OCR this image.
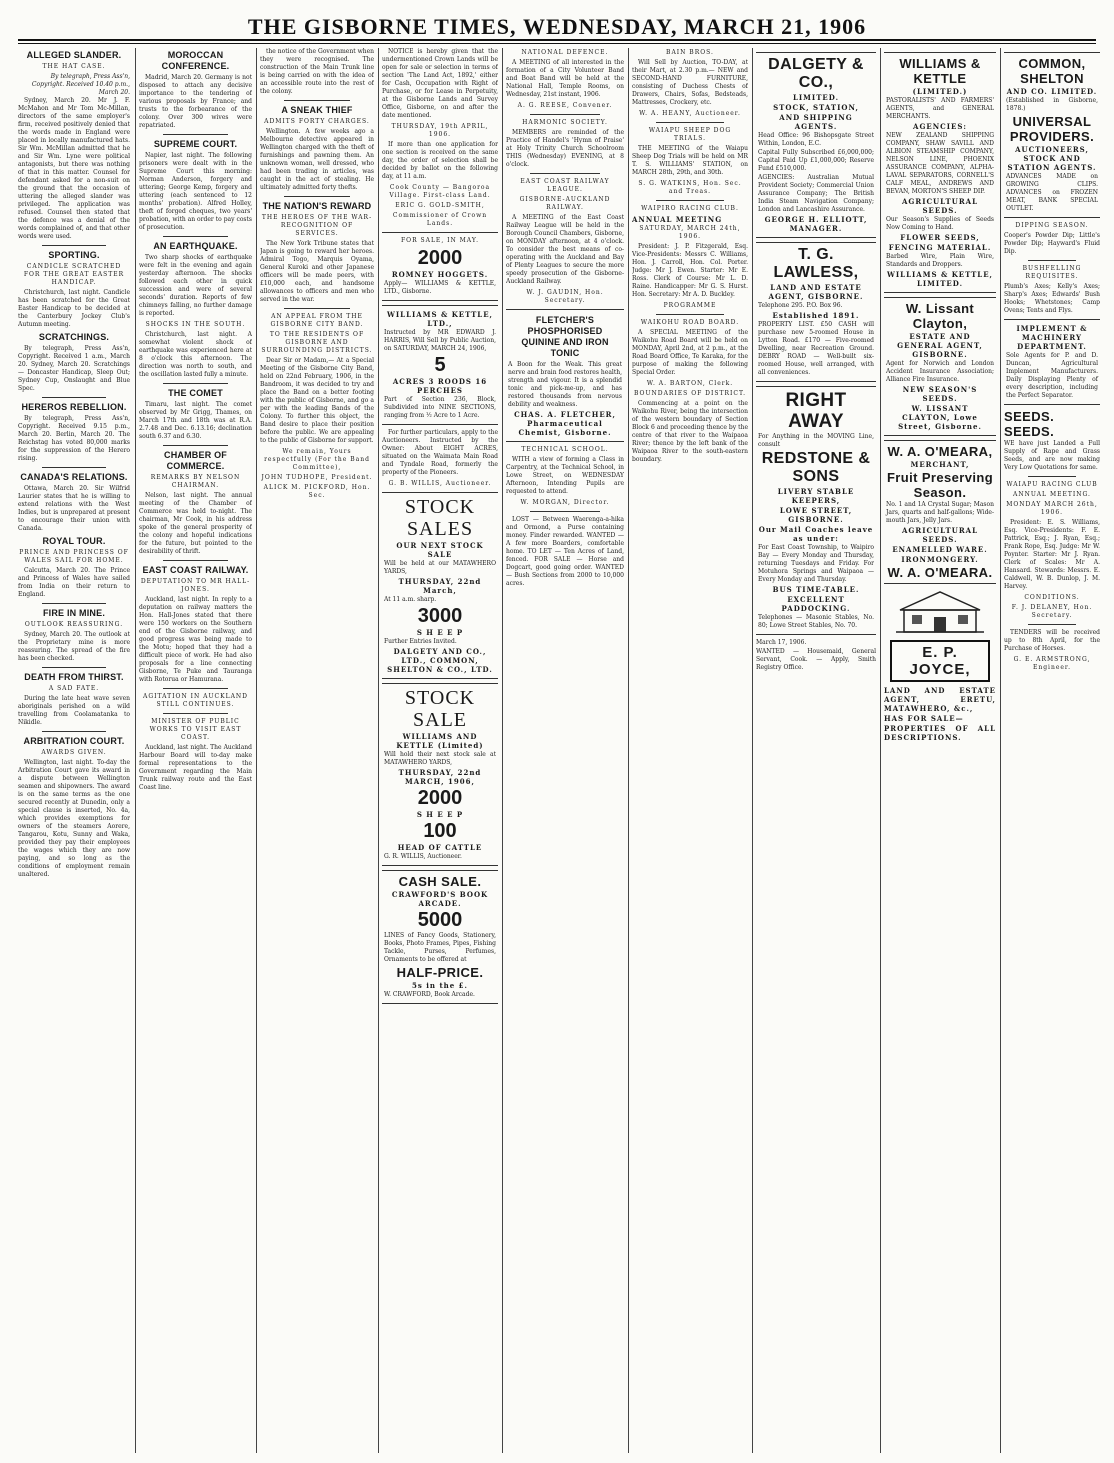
THE GISBORNE TIMES, WEDNESDAY, MARCH 21, 1906
ALLEGED SLANDER.
THE HAT CASE.
By telegraph, Press Ass'n, Copyright. Received 10.40 p.m., March 20.

Sydney, March 20. Mr J. F. McMahon and Mr Tom Mc-Millan, directors of the same employer's firm, received positively denied that the words made in England were placed in locally manufactured hats. Sir Wm. McMillan admitted that he and Sir Wm. Lyne were political antagonists, but there was nothing of that in this matter. Counsel for defendant asked for a non-suit on the ground that the occasion of uttering the alleged slander was privileged. The application was refused. Counsel then stated that the defence was a denial of the words complained of, and that other words were used.

SPORTING.
CANDICLE SCRATCHED FOR THE GREAT EASTER HANDICAP.

Christchurch, last night. Candicle has been scratched for the Great Easter Handicap to be decided at the Canterbury Jockey Club's Autumn meeting.

SCRATCHINGS.

By telegraph, Press Ass'n, Copyright. Received 1 a.m., March 20. Sydney, March 20. Scratchings — Doncaster Handicap, Sleep Out; Sydney Cup, Onslaught and Blue Spec.

HEREROS REBELLION.

By telegraph, Press Ass'n, Copyright. Received 9.15 p.m., March 20. Berlin, March 20. The Reichstag has voted 80,000 marks for the suppression of the Herero rising.

CANADA'S RELATIONS.

Ottawa, March 20. Sir Wilfrid Laurier states that he is willing to extend relations with the West Indies, but is unprepared at present to encourage their union with Canada.

ROYAL TOUR.
PRINCE AND PRINCESS OF WALES SAIL FOR HOME.

Calcutta, March 20. The Prince and Princess of Wales have sailed from India on their return to England.

FIRE IN MINE.
OUTLOOK REASSURING.

Sydney, March 20. The outlook at the Proprietary mine is more reassuring. The spread of the fire has been checked.

DEATH FROM THIRST.
A SAD FATE.

During the late heat wave seven aboriginals perished on a wild travelling from Coolamatanka to Nikidle.

ARBITRATION COURT.
AWARDS GIVEN.

Wellington, last night. To-day the Arbitration Court gave its award in a dispute between Wellington seamen and shipowners. The award is on the same terms as the one secured recently at Dunedin, only a special clause is inserted, No. 4a, which provides exemptions for owners of the steamers Aorere, Tangarou, Kotu, Sunny and Waka, provided they pay their employees the wages which they are now paying, and so long as the conditions of employment remain unaltered.

MOROCCAN CONFERENCE.

Madrid, March 20. Germany is not disposed to attach any decisive importance to the tendering of various proposals by France; and trusts to the forbearance of the colony. Over 300 wives were repatriated.

SUPREME COURT.

Napier, last night. The following prisoners were dealt with in the Supreme Court this morning: Norman Anderson, forgery and uttering; George Kemp, forgery and uttering (each sentenced to 12 months' probation). Alfred Holley, theft of forged cheques, two years' probation, with an order to pay costs of prosecution.

AN EARTHQUAKE.

Two sharp shocks of earthquake were felt in the evening and again yesterday afternoon. The shocks followed each other in quick succession and were of several seconds' duration. Reports of few chimneys falling, no further damage is reported.

SHOCKS IN THE SOUTH.

Christchurch, last night. A somewhat violent shock of earthquake was experienced here at 8 o'clock this afternoon. The direction was north to south, and the oscillation lasted fully a minute.

THE COMET

Timaru, last night. The comet observed by Mr Grigg, Thames, on March 17th and 18th was at R.A. 2.7.48 and Dec. 6.13.16; declination south 6.37 and 6.30.

CHAMBER OF COMMERCE.
REMARKS BY NELSON CHAIRMAN.

Nelson, last night. The annual meeting of the Chamber of Commerce was held to-night. The chairman, Mr Cook, in his address spoke of the general prosperity of the colony and hopeful indications for the future, but pointed to the desirability of thrift.

EAST COAST RAILWAY.
DEPUTATION TO MR HALL-JONES.

Auckland, last night. In reply to a deputation on railway matters the Hon. Hall-Jones stated that there were 150 workers on the Southern end of the Gisborne railway, and good progress was being made to the Motu; hoped that they had a difficult piece of work. He had also proposals for a line connecting Gisborne, Te Puke and Tauranga with Rotorua or Hamurana.

AGITATION IN AUCKLAND STILL CONTINUES.
MINISTER OF PUBLIC WORKS TO VISIT EAST COAST.

Auckland, last night. The Auckland Harbour Board will to-day make formal representations to the Government regarding the Main Trunk railway route and the East Coast line.

the notice of the Government when they were recognised. The construction of the Main Trunk line is being carried on with the idea of an accessible route into the rest of the colony.

A SNEAK THIEF
ADMITS FORTY CHARGES.

Wellington. A few weeks ago a Melbourne detective appeared in Wellington charged with the theft of furnishings and pawning them. An unknown woman, well dressed, who had been trading in articles, was caught in the act of stealing. He ultimately admitted forty thefts.

THE NATION'S REWARD
THE HEROES OF THE WAR-RECOGNITION OF SERVICES.

The New York Tribune states that Japan is going to reward her heroes. Admiral Togo, Marquis Oyama, General Kuroki and other Japanese officers will be made peers, with £10,000 each, and handsome allowances to officers and men who served in the war.

AN APPEAL FROM THE GISBORNE CITY BAND.
TO THE RESIDENTS OF GISBORNE AND SURROUNDING DISTRICTS.

Dear Sir or Madam,— At a Special Meeting of the Gisborne City Band, held on 22nd February, 1906, in the Bandroom, it was decided to try and place the Band on a better footing with the public of Gisborne, and go a per with the leading Bands of the Colony. To further this object, the Band desire to place their position before the public. We are appealing to the public of Gisborne for support.

We remain, Yours respectfully (For the Band Committee),
JOHN TUDHOPE, President.
ALICK M. PICKFORD, Hon. Sec.

NOTICE is hereby given that the undermentioned Crown Lands will be open for sale or selection in terms of section 'The Land Act, 1892,' either for Cash, Occupation with Right of Purchase, or for Lease in Perpetuity, at the Gisborne Lands and Survey Office, Gisborne, on and after the date mentioned.

THURSDAY, 19th APRIL, 1906.

If more than one application for one section is received on the same day, the order of selection shall be decided by ballot on the following day, at 11 a.m.

Cook County — Bangoroa Village. First-class Land.
ERIC G. GOLD-SMITH,
Commissioner of Crown Lands.
FOR SALE, IN MAY.
2000
ROMNEY HOGGETS.
Apply— WILLIAMS & KETTLE, LTD., Gisborne.
WILLIAMS & KETTLE, LTD.,
Instructed by MR EDWARD J. HARRIS, Will Sell by Public Auction, on SATURDAY, MARCH 24, 1906,
5
ACRES 3 ROODS 16 PERCHES
Part of Section 236, Block, Subdivided into NINE SECTIONS, ranging from ½ Acre to 1 Acre.

For further particulars, apply to the Auctioneers. Instructed by the Owner: About EIGHT ACRES, situated on the Waimata Main Road and Tyndale Road, formerly the property of the Pioneers.

G. B. WILLIS, Auctioneer.
STOCK SALES
OUR NEXT STOCK SALE
Will be held at our MATAWHERO YARDS,
THURSDAY, 22nd March,
At 11 a.m. sharp.
3000
S H E E P
Further Entries Invited.
DALGETY AND CO., LTD., COMMON, SHELTON & CO., LTD.
STOCK SALE
WILLIAMS AND KETTLE (Limited)
Will hold their next stock sale at MATAWHERO YARDS,
THURSDAY, 22nd MARCH, 1906,
2000
S H E E P
100
HEAD OF CATTLE
G. R. WILLIS, Auctioneer.
CASH SALE.
CRAWFORD'S BOOK ARCADE.
5000
LINES of Fancy Goods, Stationery, Books, Photo Frames, Pipes, Fishing Tackle, Purses, Perfumes, Ornaments to be offered at
HALF-PRICE.
5s in the £.
W. CRAWFORD, Book Arcade.
NATIONAL DEFENCE.

A MEETING of all interested in the formation of a City Volunteer Band and Boat Band will be held at the National Hall, Temple Rooms, on Wednesday, 21st instant, 1906.

A. G. REESE, Convener.
HARMONIC SOCIETY.

MEMBERS are reminded of the Practice of Handel's 'Hymn of Praise' at Holy Trinity Church Schoolroom THIS (Wednesday) EVENING, at 8 o'clock.

EAST COAST RAILWAY LEAGUE.
GISBORNE-AUCKLAND RAILWAY.

A MEETING of the East Coast Railway League will be held in the Borough Council Chambers, Gisborne, on MONDAY afternoon, at 4 o'clock. To consider the best means of co-operating with the Auckland and Bay of Plenty Leagues to secure the more speedy prosecution of the Gisborne-Auckland Railway.

W. J. GAUDIN, Hon. Secretary.
FLETCHER'S PHOSPHORISED QUININE AND IRON TONIC
A Boon for the Weak. This great nerve and brain food restores health, strength and vigour. It is a splendid tonic and pick-me-up, and has restored thousands from nervous debility and weakness.
CHAS. A. FLETCHER, Pharmaceutical Chemist, Gisborne.
TECHNICAL SCHOOL.

WITH a view of forming a Class in Carpentry, at the Technical School, in Lowe Street, on WEDNESDAY Afternoon, Intending Pupils are requested to attend.

W. MORGAN, Director.

LOST — Between Waerenga-a-hika and Ormond, a Purse containing money. Finder rewarded. WANTED — A few more Boarders, comfortable home. TO LET — Ten Acres of Land, fenced. FOR SALE — Horse and Dogcart, good going order. WANTED — Bush Sections from 2000 to 10,000 acres.

BAIN BROS.

Will Sell by Auction, TO-DAY, at their Mart, at 2.30 p.m.— NEW and SECOND-HAND FURNITURE, consisting of Duchess Chests of Drawers, Chairs, Sofas, Bedsteads, Mattresses, Crockery, etc.

W. A. HEANY, Auctioneer.
WAIAPU SHEEP DOG TRIALS.

THE MEETING of the Waiapu Sheep Dog Trials will be held on MR T. S. WILLIAMS' STATION, on MARCH 28th, 29th, and 30th.

S. G. WATKINS, Hon. Sec. and Treas.
WAIPIRO RACING CLUB.
ANNUAL MEETING
SATURDAY, MARCH 24th, 1906.

President: J. P. Fitzgerald, Esq. Vice-Presidents: Messrs C. Williams, Hon. J. Carroll, Hon. Col. Porter. Judge: Mr J. Ewen. Starter: Mr E. Ross. Clerk of Course: Mr L. D. Raine. Handicapper: Mr G. S. Hurst. Hon. Secretary: Mr A. D. Buckley.

PROGRAMME
WAIKOHU ROAD BOARD.

A SPECIAL MEETING of the Waikohu Road Board will be held on MONDAY, April 2nd, at 2 p.m., at the Road Board Office, Te Karaka, for the purpose of making the following Special Order.

W. A. BARTON, Clerk.
BOUNDARIES OF DISTRICT.

Commencing at a point on the Waikohu River, being the intersection of the western boundary of Section Block 6 and proceeding thence by the centre of that river to the Waipaoa River; thence by the left bank of the Waipaoa River to the south-eastern boundary.

DALGETY & CO.,
LIMITED.
STOCK, STATION,
AND SHIPPING AGENTS.
Head Office: 96 Bishopsgate Street Within, London, E.C.
Capital Fully Subscribed £6,000,000; Capital Paid Up £1,000,000; Reserve Fund £510,000.
AGENCIES: Australian Mutual Provident Society; Commercial Union Assurance Company; The British India Steam Navigation Company; London and Lancashire Assurance.
GEORGE H. ELLIOTT, MANAGER.
T. G. LAWLESS,
LAND AND ESTATE AGENT, GISBORNE.
Telephone 295. P.O. Box 96.
Established 1891.
PROPERTY LIST. £50 CASH will purchase new 5-roomed House in Lytton Road. £170 — Five-roomed Dwelling, near Recreation Ground. DEBRY ROAD — Well-built six-roomed House, well arranged, with all conveniences.
RIGHT AWAY
For Anything in the MOVING Line, consult
REDSTONE & SONS
LIVERY STABLE KEEPERS,
LOWE STREET, GISBORNE.
Our Mail Coaches leave as under:
For East Coast Township, to Waipiro Bay — Every Monday and Thursday, returning Tuesdays and Friday. For Motuhora Springs and Waipaoa — Every Monday and Thursday.
BUS TIME-TABLE.
EXCELLENT PADDOCKING.
Telephones — Masonic Stables, No. 80; Lowe Street Stables, No. 70.
March 17, 1906.
WANTED — Housemaid, General Servant, Cook. — Apply, Smith Registry Office.
WILLIAMS & KETTLE
(LIMITED.)
PASTORALISTS' AND FARMERS' AGENTS, and GENERAL MERCHANTS.
AGENCIES:
NEW ZEALAND SHIPPING COMPANY, SHAW SAVILL AND ALBION STEAMSHIP COMPANY, NELSON LINE, PHOENIX ASSURANCE COMPANY, ALPHA-LAVAL SEPARATORS, CORNELL'S CALF MEAL, ANDREWS AND BEVAN, MORTON'S SHEEP DIP.
AGRICULTURAL SEEDS.
Our Season's Supplies of Seeds Now Coming to Hand.
FLOWER SEEDS,
FENCING MATERIAL.
Barbed Wire, Plain Wire, Standards and Droppers.
WILLIAMS & KETTLE, LIMITED.
W. Lissant Clayton,
ESTATE AND GENERAL AGENT, GISBORNE.
Agent for Norwich and London Accident Insurance Association; Alliance Fire Insurance.
NEW SEASON'S SEEDS.
W. LISSANT CLAYTON, Lowe Street, Gisborne.
W. A. O'MEARA,
MERCHANT,
Fruit Preserving Season.
No. 1 and 1A Crystal Sugar; Mason Jars, quarts and half-gallons; Wide-mouth Jars, Jelly Jars.
AGRICULTURAL SEEDS.
ENAMELLED WARE.
IRONMONGERY.
W. A. O'MEARA.
E. P. JOYCE,
LAND AND ESTATE AGENT, ERETU, MATAWHERO, &c.,
HAS FOR SALE—
PROPERTIES OF ALL DESCRIPTIONS.
COMMON, SHELTON
AND CO. LIMITED.
(Established in Gisborne, 1878.)
UNIVERSAL PROVIDERS.
AUCTIONEERS, STOCK AND STATION AGENTS.
ADVANCES MADE on GROWING CLIPS. ADVANCES on FROZEN MEAT, BANK SPECIAL OUTLET.
DIPPING SEASON.
Cooper's Powder Dip; Little's Powder Dip; Hayward's Fluid Dip.
BUSHFELLING REQUISITES.
Plumb's Axes; Kelly's Axes; Sharp's Axes; Edwards' Bush Hooks; Whetstones; Camp Ovens; Tents and Flys.
IMPLEMENT & MACHINERY DEPARTMENT.
Sole Agents for P. and D. Duncan, Agricultural Implement Manufacturers. Daily Displaying Plenty of every description, including the Perfect Separator.
SEEDS. SEEDS.
WE have just Landed a Full Supply of Rape and Grass Seeds, and are now making Very Low Quotations for same.
WAIAPU RACING CLUB
ANNUAL MEETING.
MONDAY MARCH 26th, 1906.

President: E. S. Williams, Esq. Vice-Presidents: F. E. Pattrick, Esq.; J. Ryan, Esq.; Frank Rope, Esq. Judge: Mr W. Poynter. Starter: Mr J. Ryan. Clerk of Scales: Mr A. Hansard. Stewards: Messrs. E. Caldwell, W. B. Dunlop, J. M. Harvey.

CONDITIONS.
F. J. DELANEY, Hon. Secretary.

TENDERS will be received up to 8th April, for the Purchase of Horses.

G. E. ARMSTRONG, Engineer.
